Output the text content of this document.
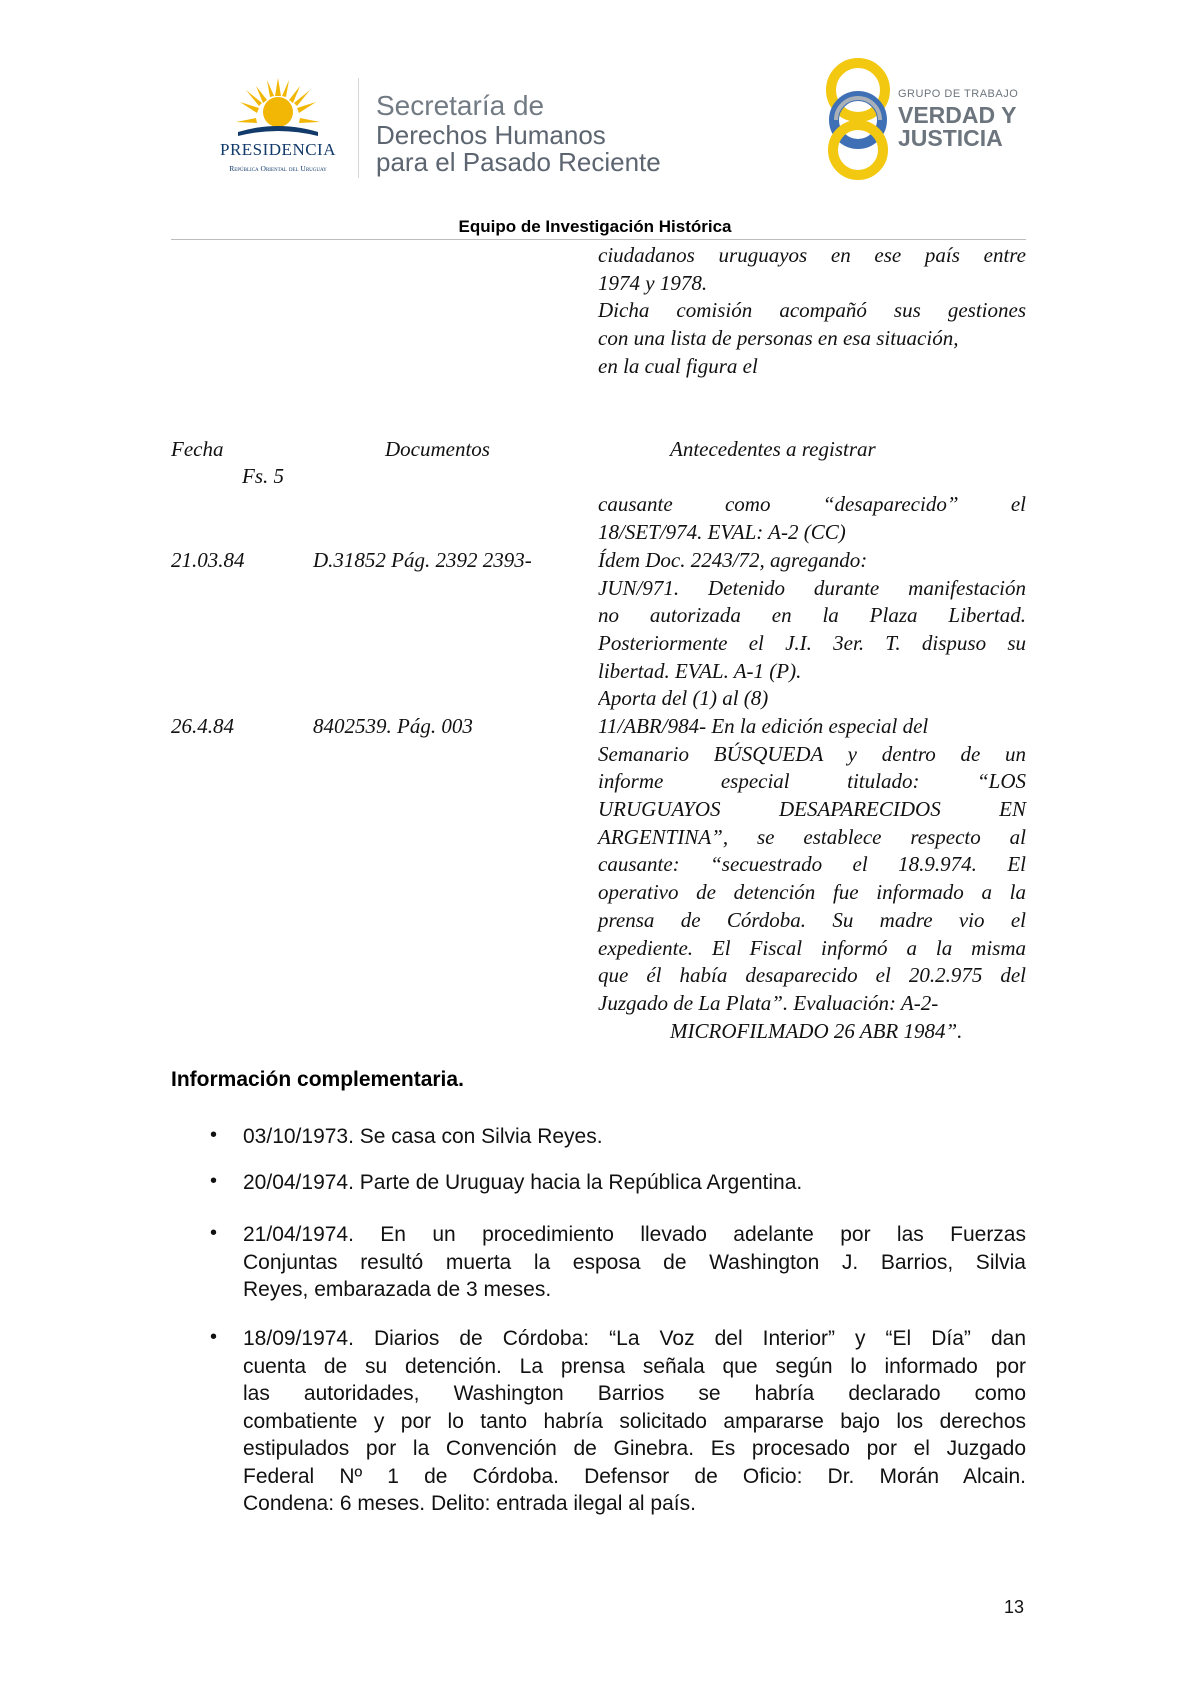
PRESIDENCIA
República Oriental del Uruguay
Secretaría de
Derechos Humanos
para el Pasado Reciente
GRUPO DE TRABAJO
VERDAD Y
JUSTICIA
Equipo de Investigación Histórica
ciudadanos uruguayos en ese país entre
1974 y 1978.
Dicha comisión acompañó sus gestiones
con una lista de personas en esa situación,
en la cual figura el
Fecha	Documentos	Antecedentes a registrar
Fs. 5
causante como “desaparecido” el
18/SET/974. EVAL: A-2 (CC)
21.03.84	D.31852 Pág. 2392 2393-	Ídem Doc. 2243/72, agregando:
JUN/971. Detenido durante manifestación
no autorizada en la Plaza Libertad.
Posteriormente el J.I. 3er. T. dispuso su
libertad. EVAL. A-1 (P).
Aporta del (1) al (8)
26.4.84	8402539. Pág. 003	11/ABR/984- En la edición especial del
Semanario BÚSQUEDA y dentro de un
informe especial titulado: “LOS
URUGUAYOS DESAPARECIDOS EN
ARGENTINA”, se establece respecto al
causante: “secuestrado el 18.9.974. El
operativo de detención fue informado a la
prensa de Córdoba. Su madre vio el
expediente. El Fiscal informó a la misma
que él había desaparecido el 20.2.975 del
Juzgado de La Plata”. Evaluación: A-2-
MICROFILMADO 26 ABR 1984”.
Información complementaria.
• 03/10/1973. Se casa con Silvia Reyes.
• 20/04/1974. Parte de Uruguay hacia la República Argentina.
• 21/04/1974. En un procedimiento llevado adelante por las Fuerzas
Conjuntas resultó muerta la esposa de Washington J. Barrios, Silvia
Reyes, embarazada de 3 meses.
• 18/09/1974. Diarios de Córdoba: “La Voz del Interior” y “El Día” dan
cuenta de su detención. La prensa señala que según lo informado por
las autoridades, Washington Barrios se habría declarado como
combatiente y por lo tanto habría solicitado ampararse bajo los derechos
estipulados por la Convención de Ginebra. Es procesado por el Juzgado
Federal Nº 1 de Córdoba. Defensor de Oficio: Dr. Morán Alcain.
Condena: 6 meses. Delito: entrada ilegal al país.
13
